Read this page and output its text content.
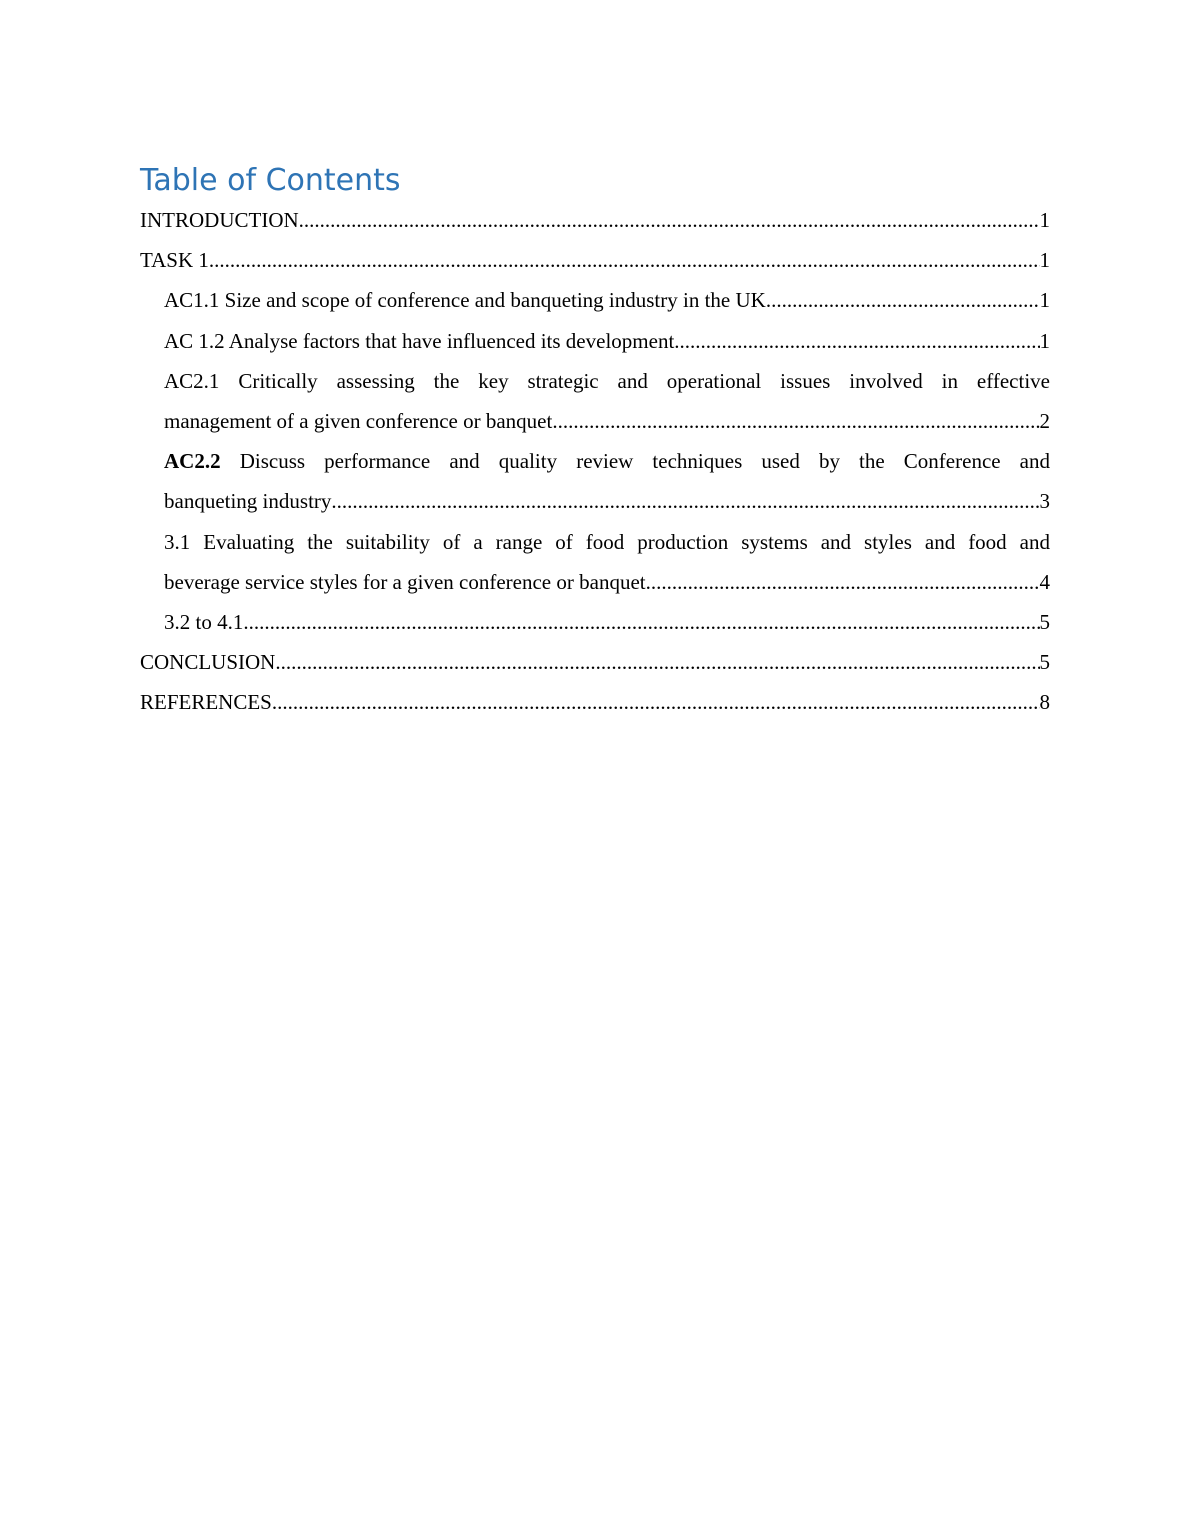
Table of Contents
INTRODUCTION .....	1
TASK 1 .....	1
AC1.1 Size and scope of conference and banqueting industry in the UK .....	1
AC 1.2 Analyse factors that have influenced its development .....	1
AC2.1 Critically assessing the key strategic and operational issues involved in effective
management of a given conference or banquet .....	2
AC2.2 Discuss performance and quality review techniques used by the Conference and
banqueting industry .....	3
3.1 Evaluating the suitability of a range of food production systems and styles and food and
beverage service styles for a given conference or banquet .....	4
3.2 to 4.1 .....	5
CONCLUSION .....	5
REFERENCES .....	8
